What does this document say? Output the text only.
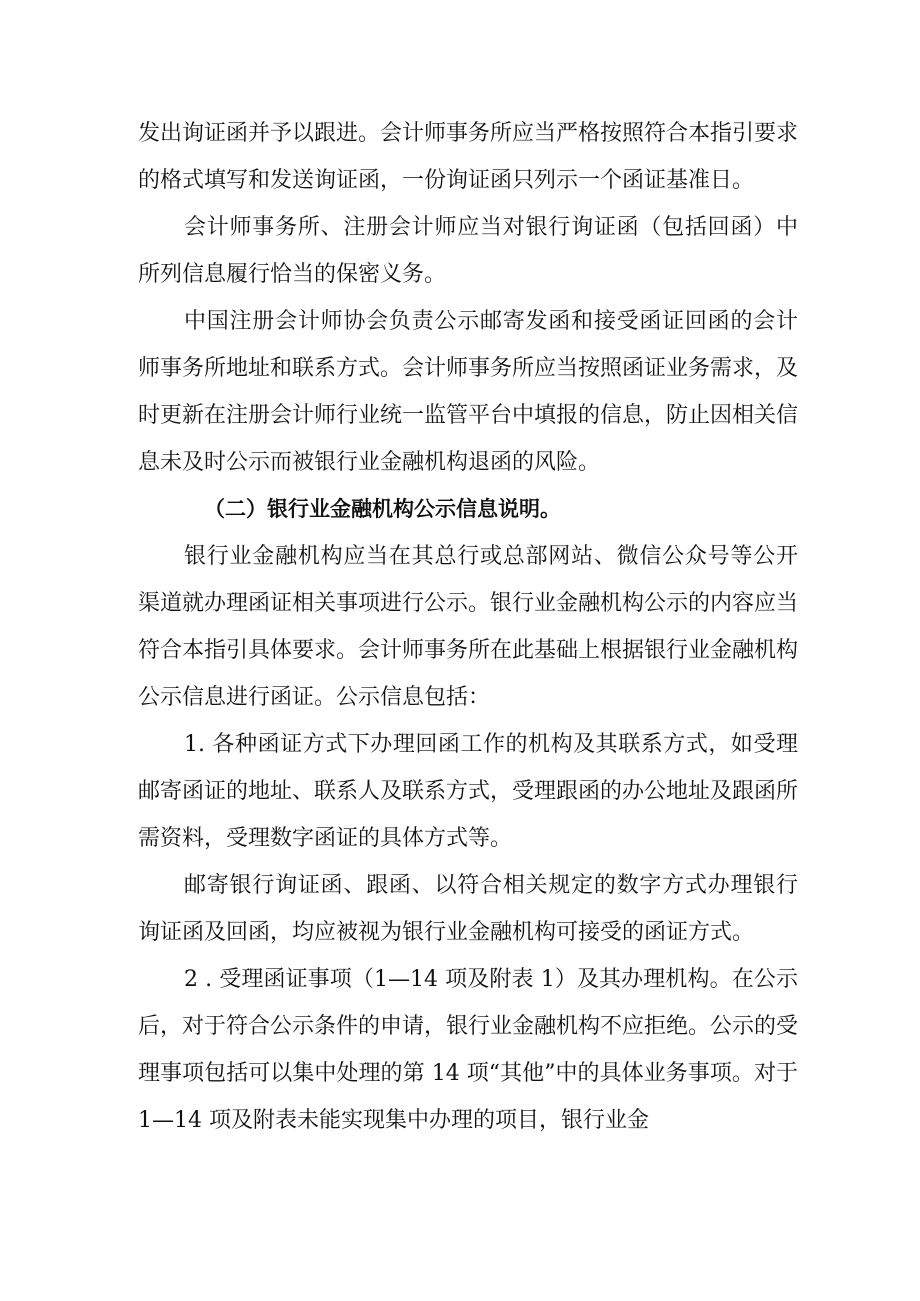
发出询证函并予以跟进。会计师事务所应当严格按照符合本指引要求的格式填写和发送询证函，一份询证函只列示一个函证基准日。

会计师事务所、注册会计师应当对银行询证函（包括回函）中所列信息履行恰当的保密义务。

中国注册会计师协会负责公示邮寄发函和接受函证回函的会计师事务所地址和联系方式。会计师事务所应当按照函证业务需求，及时更新在注册会计师行业统一监管平台中填报的信息，防止因相关信息未及时公示而被银行业金融机构退函的风险。

（二）银行业金融机构公示信息说明。

银行业金融机构应当在其总行或总部网站、微信公众号等公开渠道就办理函证相关事项进行公示。银行业金融机构公示的内容应当符合本指引具体要求。会计师事务所在此基础上根据银行业金融机构公示信息进行函证。公示信息包括：

1. 各种函证方式下办理回函工作的机构及其联系方式，如受理邮寄函证的地址、联系人及联系方式，受理跟函的办公地址及跟函所需资料，受理数字函证的具体方式等。

邮寄银行询证函、跟函、以符合相关规定的数字方式办理银行询证函及回函，均应被视为银行业金融机构可接受的函证方式。

2 . 受理函证事项（1—14 项及附表 1）及其办理机构。在公示后，对于符合公示条件的申请，银行业金融机构不应拒绝。公示的受理事项包括可以集中处理的第 14 项“其他”中的具体业务事项。对于 1—14 项及附表未能实现集中办理的项目，银行业金
